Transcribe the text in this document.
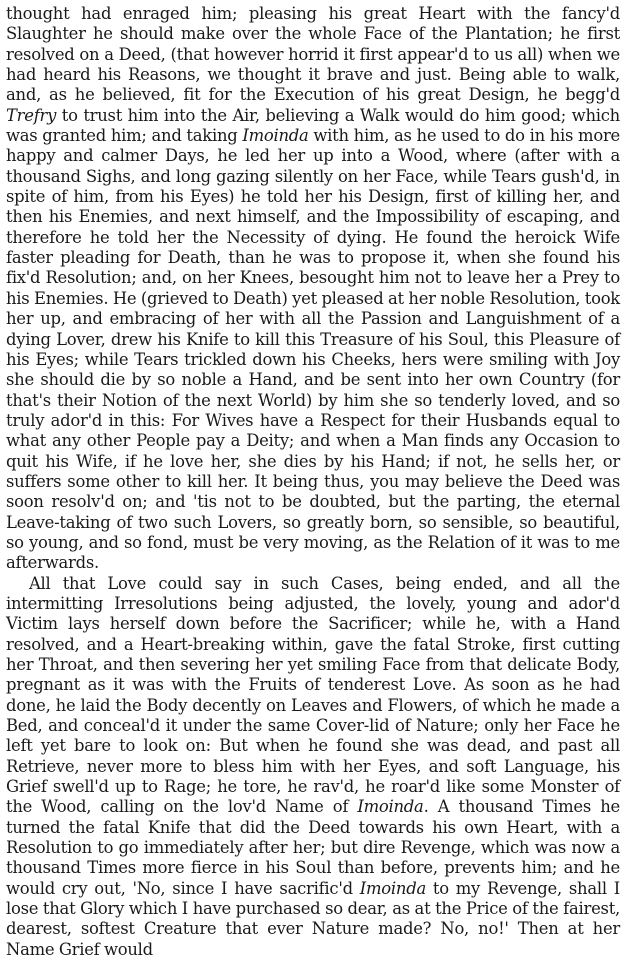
thought had enraged him; pleasing his great Heart with the fancy'd Slaughter he should make over the whole Face of the Plantation; he first resolved on a Deed, (that however horrid it first appear'd to us all) when we had heard his Reasons, we thought it brave and just. Being able to walk, and, as he believed, fit for the Execution of his great Design, he begg'd Trefry to trust him into the Air, believing a Walk would do him good; which was granted him; and taking Imoinda with him, as he used to do in his more happy and calmer Days, he led her up into a Wood, where (after with a thousand Sighs, and long gazing silently on her Face, while Tears gush'd, in spite of him, from his Eyes) he told her his Design, first of killing her, and then his Enemies, and next himself, and the Impossibility of escaping, and therefore he told her the Necessity of dying. He found the heroick Wife faster pleading for Death, than he was to propose it, when she found his fix'd Resolution; and, on her Knees, besought him not to leave her a Prey to his Enemies. He (grieved to Death) yet pleased at her noble Resolution, took her up, and embracing of her with all the Passion and Languishment of a dying Lover, drew his Knife to kill this Treasure of his Soul, this Pleasure of his Eyes; while Tears trickled down his Cheeks, hers were smiling with Joy she should die by so noble a Hand, and be sent into her own Country (for that's their Notion of the next World) by him she so tenderly loved, and so truly ador'd in this: For Wives have a Respect for their Husbands equal to what any other People pay a Deity; and when a Man finds any Occasion to quit his Wife, if he love her, she dies by his Hand; if not, he sells her, or suffers some other to kill her. It being thus, you may believe the Deed was soon resolv'd on; and 'tis not to be doubted, but the parting, the eternal Leave-taking of two such Lovers, so greatly born, so sensible, so beautiful, so young, and so fond, must be very moving, as the Relation of it was to me afterwards.

All that Love could say in such Cases, being ended, and all the intermitting Irresolutions being adjusted, the lovely, young and ador'd Victim lays herself down before the Sacrificer; while he, with a Hand resolved, and a Heart-breaking within, gave the fatal Stroke, first cutting her Throat, and then severing her yet smiling Face from that delicate Body, pregnant as it was with the Fruits of tenderest Love. As soon as he had done, he laid the Body decently on Leaves and Flowers, of which he made a Bed, and conceal'd it under the same Cover-lid of Nature; only her Face he left yet bare to look on: But when he found she was dead, and past all Retrieve, never more to bless him with her Eyes, and soft Language, his Grief swell'd up to Rage; he tore, he rav'd, he roar'd like some Monster of the Wood, calling on the lov'd Name of Imoinda. A thousand Times he turned the fatal Knife that did the Deed towards his own Heart, with a Resolution to go immediately after her; but dire Revenge, which was now a thousand Times more fierce in his Soul than before, prevents him; and he would cry out, 'No, since I have sacrific'd Imoinda to my Revenge, shall I lose that Glory which I have purchased so dear, as at the Price of the fairest, dearest, softest Creature that ever Nature made? No, no!' Then at her Name Grief would
